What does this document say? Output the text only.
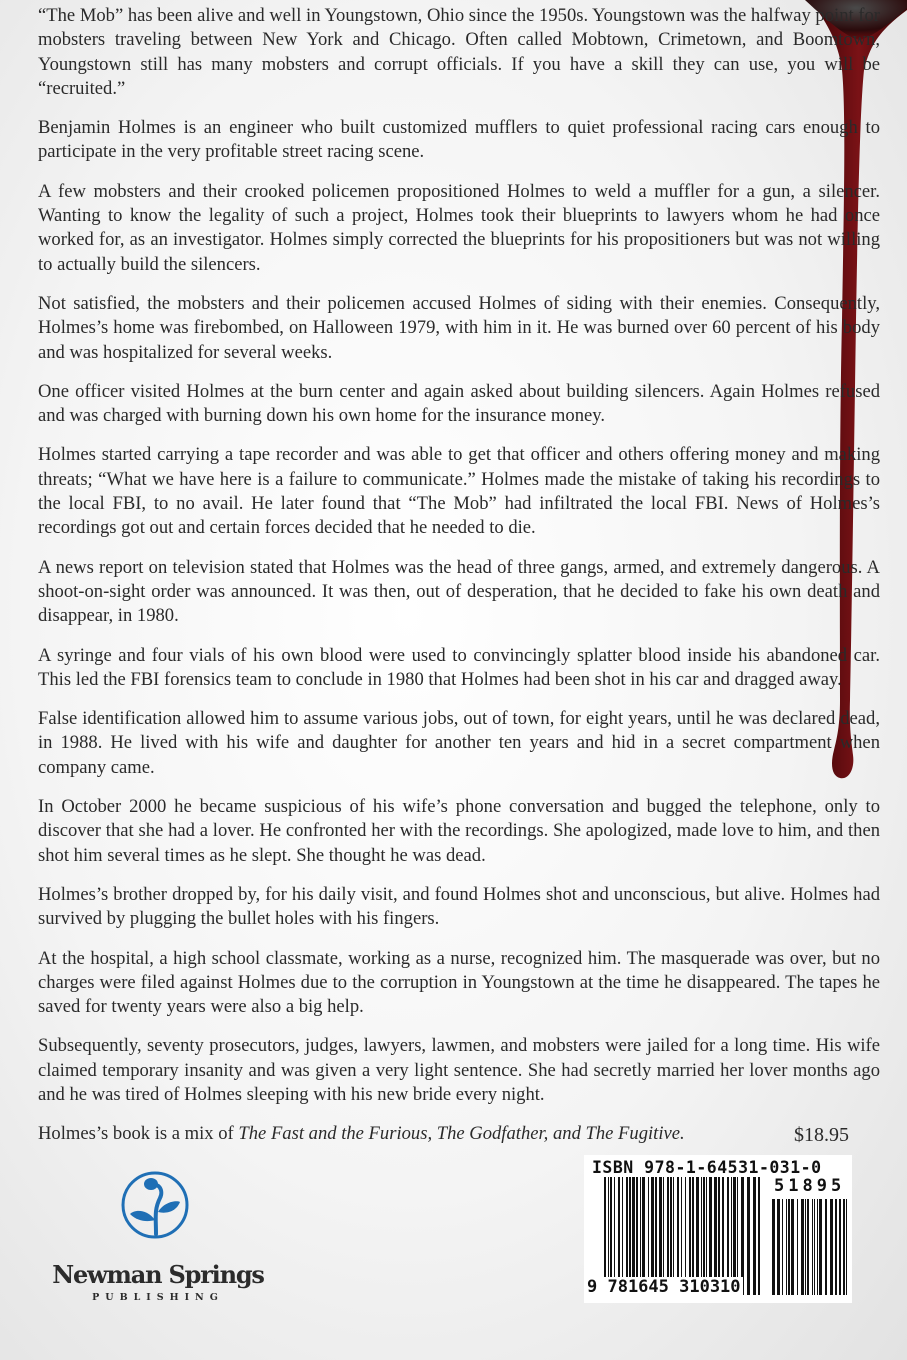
“The Mob” has been alive and well in Youngstown, Ohio since the 1950s. Youngstown was the halfway point for mobsters traveling between New York and Chicago. Often called Mobtown, Crimetown, and Boomtown, Youngstown still has many mobsters and corrupt officials. If you have a skill they can use, you will be “recruited.”

Benjamin Holmes is an engineer who built customized mufflers to quiet professional racing cars enough to participate in the very profitable street racing scene.

A few mobsters and their crooked policemen propositioned Holmes to weld a muffler for a gun, a silencer. Wanting to know the legality of such a project, Holmes took their blueprints to lawyers whom he had once worked for, as an investigator. Holmes simply corrected the blueprints for his propositioners but was not willing to actually build the silencers.

Not satisfied, the mobsters and their policemen accused Holmes of siding with their enemies. Consequently, Holmes’s home was firebombed, on Halloween 1979, with him in it. He was burned over 60 percent of his body and was hospitalized for several weeks.

One officer visited Holmes at the burn center and again asked about building silencers. Again Holmes refused and was charged with burning down his own home for the insurance money.

Holmes started carrying a tape recorder and was able to get that officer and others offering money and making threats; “What we have here is a failure to communicate.” Holmes made the mistake of taking his recordings to the local FBI, to no avail. He later found that “The Mob” had infiltrated the local FBI. News of Holmes’s recordings got out and certain forces decided that he needed to die.

A news report on television stated that Holmes was the head of three gangs, armed, and extremely dangerous. A shoot-on-sight order was announced. It was then, out of desperation, that he decided to fake his own death and disappear, in 1980.

A syringe and four vials of his own blood were used to convincingly splatter blood inside his abandoned car. This led the FBI forensics team to conclude in 1980 that Holmes had been shot in his car and dragged away.

False identification allowed him to assume various jobs, out of town, for eight years, until he was declared dead, in 1988. He lived with his wife and daughter for another ten years and hid in a secret compartment when company came.

In October 2000 he became suspicious of his wife’s phone conversation and bugged the telephone, only to discover that she had a lover. He confronted her with the recordings. She apologized, made love to him, and then shot him several times as he slept. She thought he was dead.

Holmes’s brother dropped by, for his daily visit, and found Holmes shot and unconscious, but alive. Holmes had survived by plugging the bullet holes with his fingers.

At the hospital, a high school classmate, working as a nurse, recognized him. The masquerade was over, but no charges were filed against Holmes due to the corruption in Youngstown at the time he disappeared. The tapes he saved for twenty years were also a big help.

Subsequently, seventy prosecutors, judges, lawyers, lawmen, and mobsters were jailed for a long time. His wife claimed temporary insanity and was given a very light sentence. She had secretly married her lover months ago and he was tired of Holmes sleeping with his new bride every night.

Holmes’s book is a mix of The Fast and the Furious, The Godfather, and The Fugitive.	$18.95
ISBN 978-1-64531-031-0
51895
9 781645 310310
Newman Springs
PUBLISHING
